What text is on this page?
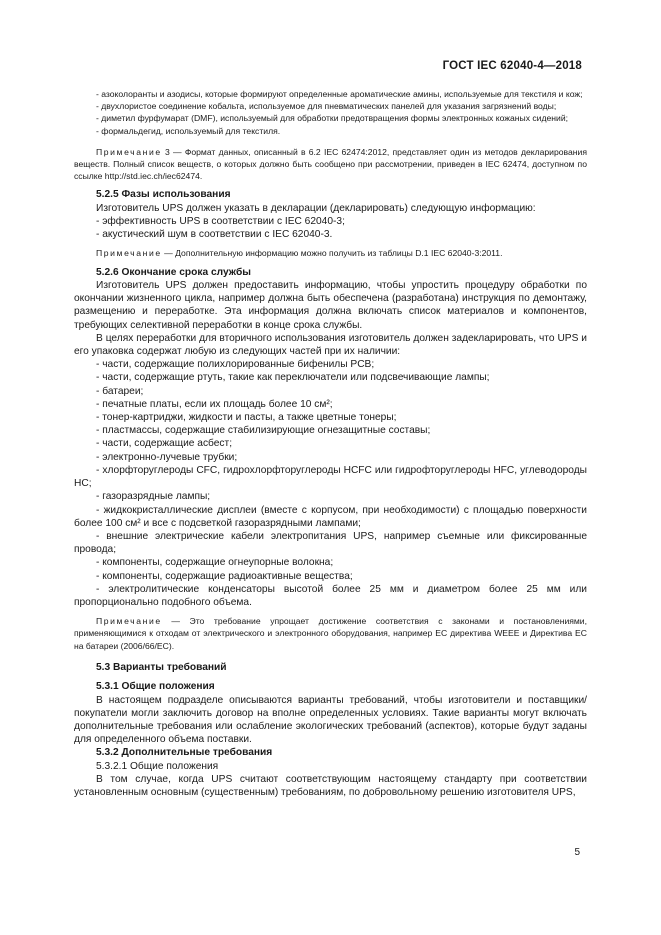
ГОСТ IEC 62040-4—2018

- азоколоранты и азодисы, которые формируют определенные ароматические амины, используемые для текстиля и кож;

- двухлористое соединение кобальта, используемое для пневматических панелей для указания загрязнений воды;

- диметил фурфумарат (DMF), используемый для обработки предотвращения формы электронных кожаных сидений;

- формальдегид, используемый для текстиля.

Примечание 3 — Формат данных, описанный в 6.2 IEC 62474:2012, представляет один из методов декларирования веществ. Полный список веществ, о которых должно быть сообщено при рассмотрении, приведен в IEC 62474, доступном по ссылке http://std.iec.ch/iec62474.

5.2.5 Фазы использования

Изготовитель UPS должен указать в декларации (декларировать) следующую информацию:

- эффективность UPS в соответствии с IEC 62040-3;

- акустический шум в соответствии с IEC 62040-3.

Примечание — Дополнительную информацию можно получить из таблицы D.1 IEC 62040-3:2011.

5.2.6 Окончание срока службы

Изготовитель UPS должен предоставить информацию, чтобы упростить процедуру обработки по окончании жизненного цикла, например должна быть обеспечена (разработана) инструкция по демонтажу, размещению и переработке. Эта информация должна включать список материалов и компонентов, требующих селективной переработки в конце срока службы.

В целях переработки для вторичного использования изготовитель должен задекларировать, что UPS и его упаковка содержат любую из следующих частей при их наличии:

- части, содержащие полихлорированные бифенилы PCB;

- части, содержащие ртуть, такие как переключатели или подсвечивающие лампы;

- батареи;

- печатные платы, если их площадь более 10 см²;

- тонер-картриджи, жидкости и пасты, а также цветные тонеры;

- пластмассы, содержащие стабилизирующие огнезащитные составы;

- части, содержащие асбест;

- электронно-лучевые трубки;

- хлорфторуглероды CFC, гидрохлорфторуглероды HCFC или гидрофторуглероды HFC, углеводороды HC;

- газоразрядные лампы;

- жидкокристаллические дисплеи (вместе с корпусом, при необходимости) с площадью поверхности более 100 см² и все с подсветкой газоразрядными лампами;

- внешние электрические кабели электропитания UPS, например съемные или фиксированные провода;

- компоненты, содержащие огнеупорные волокна;

- компоненты, содержащие радиоактивные вещества;

- электролитические конденсаторы высотой более 25 мм и диаметром более 25 мм или пропорционально подобного объема.

Примечание — Это требование упрощает достижение соответствия с законами и постановлениями, применяющимися к отходам от электрического и электронного оборудования, например ЕС директива WEEE и Директива ЕС на батареи (2006/66/EC).

5.3 Варианты требований

5.3.1 Общие положения

В настоящем подразделе описываются варианты требований, чтобы изготовители и поставщики/покупатели могли заключить договор на вполне определенных условиях. Такие варианты могут включать дополнительные требования или ослабление экологических требований (аспектов), которые будут заданы для определенного объема поставки.

5.3.2 Дополнительные требования

5.3.2.1 Общие положения

В том случае, когда UPS считают соответствующим настоящему стандарту при соответствии установленным основным (существенным) требованиям, по добровольному решению изготовителя UPS,

5
